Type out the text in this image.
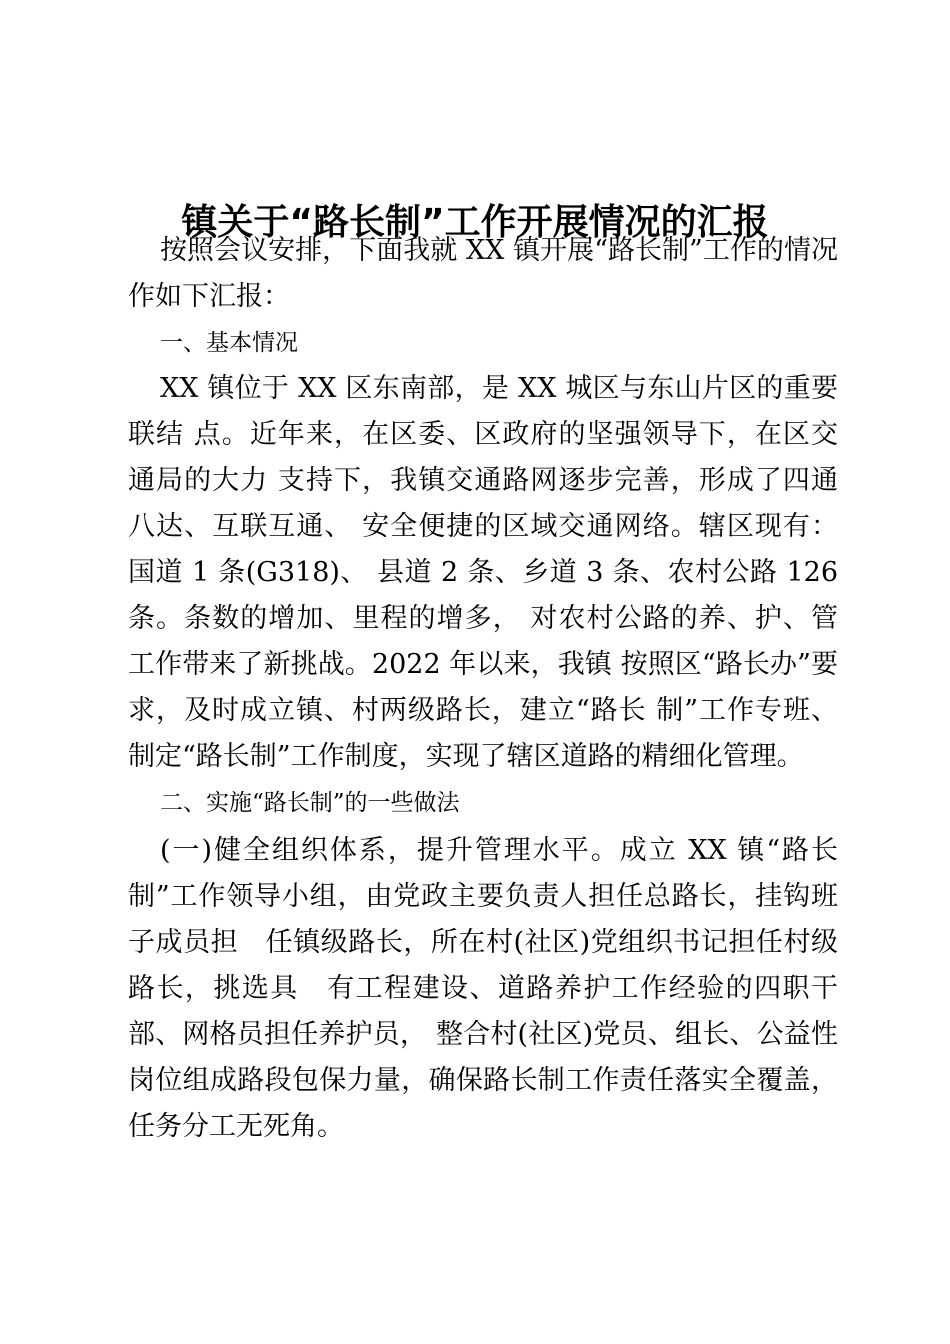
镇关于“路长制”工作开展情况的汇报

按照会议安排，下面我就 XX 镇开展“路长制”工作的情况作如下汇报：

一、基本情况

XX 镇位于 XX 区东南部，是 XX 城区与东山片区的重要联结 点。近年来，在区委、区政府的坚强领导下，在区交通局的大力 支持下，我镇交通路网逐步完善，形成了四通八达、互联互通、 安全便捷的区域交通网络。辖区现有：国道 1 条(G318)、 县道 2 条、乡道 3 条、农村公路 126 条。条数的增加、里程的增多， 对农村公路的养、护、管工作带来了新挑战。2022 年以来，我镇 按照区“路长办”要求，及时成立镇、村两级路长，建立“路长 制”工作专班、制定“路长制”工作制度，实现了辖区道路的精细化管理。

二、实施“路长制”的一些做法

(一)健全组织体系，提升管理水平。成立 XX 镇“路长制”工作领导小组，由党政主要负责人担任总路长，挂钩班子成员担　任镇级路长，所在村(社区)党组织书记担任村级路长，挑选具　有工程建设、道路养护工作经验的四职干部、网格员担任养护员， 整合村(社区)党员、组长、公益性岗位组成路段包保力量，确保路长制工作责任落实全覆盖，任务分工无死角。
